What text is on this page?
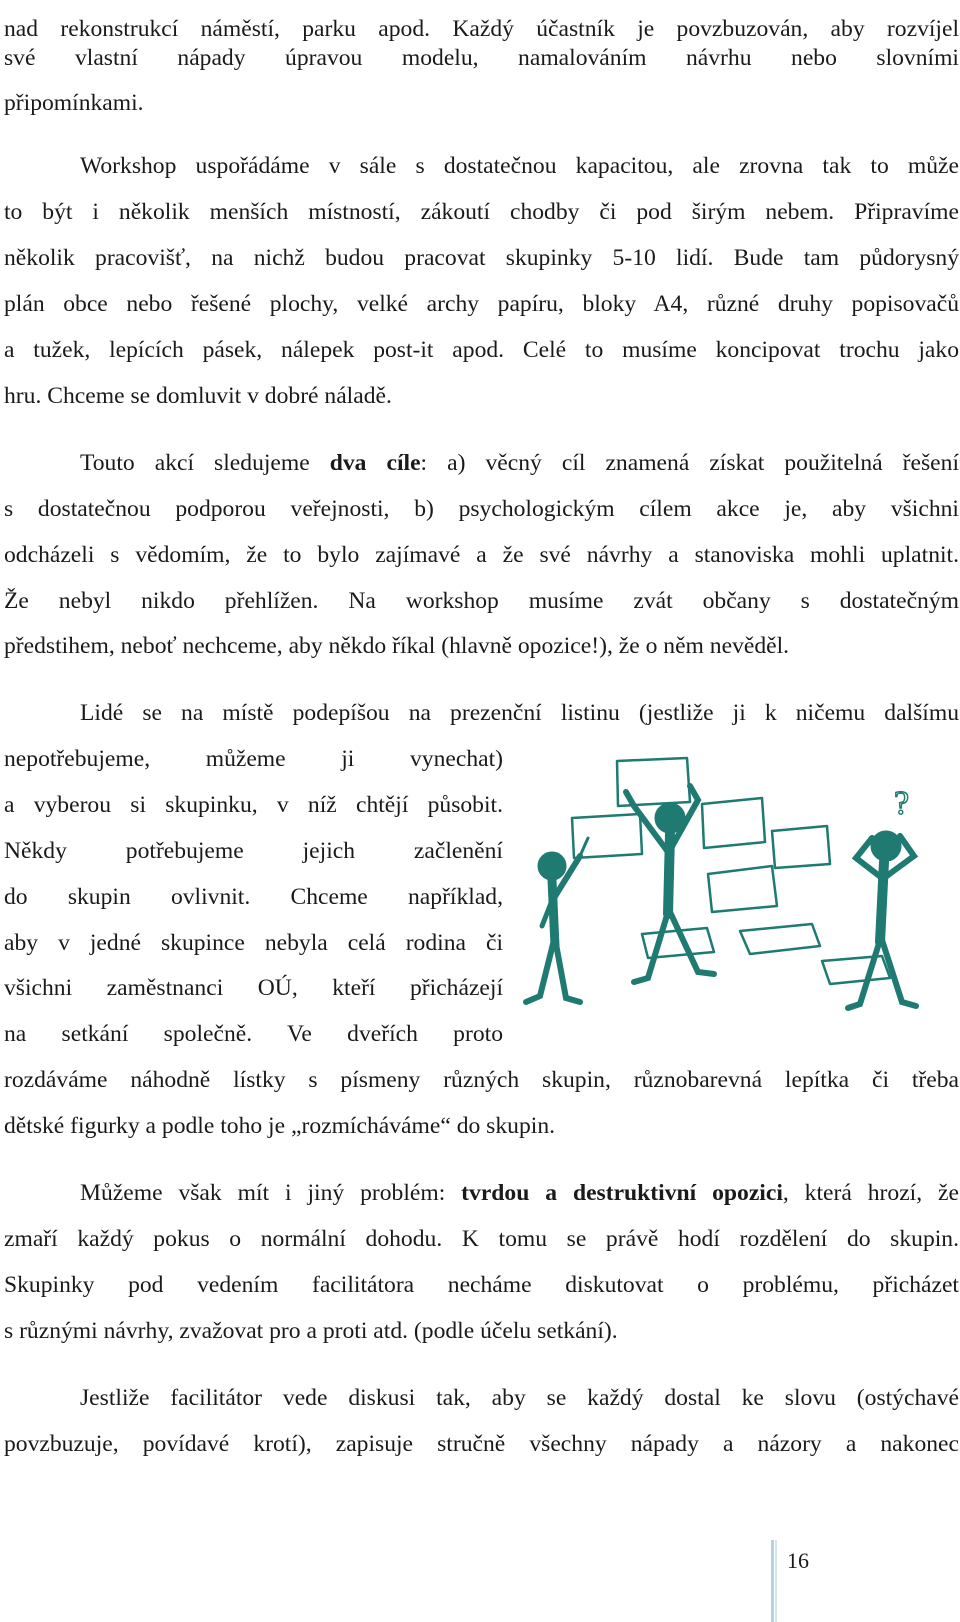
nad rekonstrukcí náměstí, parku apod. Každý účastník je povzbuzován, aby rozvíjel
své vlastní nápady úpravou modelu, namalováním návrhu nebo slovními
připomínkami.
Workshop uspořádáme v sále s dostatečnou kapacitou, ale zrovna tak to může
to být i několik menších místností, zákoutí chodby či pod širým nebem. Připravíme
několik pracovišť, na nichž budou pracovat skupinky 5-10 lidí. Bude tam půdorysný
plán obce nebo řešené plochy, velké archy papíru, bloky A4, různé druhy popisovačů
a tužek, lepících pásek, nálepek post-it apod. Celé to musíme koncipovat trochu jako
hru. Chceme se domluvit v dobré náladě.
Touto akcí sledujeme dva cíle: a) věcný cíl znamená získat použitelná řešení
s dostatečnou podporou veřejnosti, b) psychologickým cílem akce je, aby všichni
odcházeli s vědomím, že to bylo zajímavé a že své návrhy a stanoviska mohli uplatnit.
Že nebyl nikdo přehlížen. Na workshop musíme zvát občany s dostatečným
předstihem, neboť nechceme, aby někdo říkal (hlavně opozice!), že o něm nevěděl.
Lidé se na místě podepíšou na prezenční listinu (jestliže ji k ničemu dalšímu
nepotřebujeme, můžeme ji vynechat)
a vyberou si skupinku, v níž chtějí působit.
Někdy potřebujeme jejich začlenění
do skupin ovlivnit. Chceme například,
aby v jedné skupince nebyla celá rodina či
všichni zaměstnanci OÚ, kteří přicházejí
na setkání společně. Ve dveřích proto
rozdáváme náhodně lístky s písmeny různých skupin, různobarevná lepítka či třeba
dětské figurky a podle toho je „rozmícháváme“ do skupin.
Můžeme však mít i jiný problém: tvrdou a destruktivní opozici, která hrozí, že
zmaří každý pokus o normální dohodu. K tomu se právě hodí rozdělení do skupin.
Skupinky pod vedením facilitátora necháme diskutovat o problému, přicházet
s různými návrhy, zvažovat pro a proti atd. (podle účelu setkání).
Jestliže facilitátor vede diskusi tak, aby se každý dostal ke slovu (ostýchavé
povzbuzuje, povídavé krotí), zapisuje stručně všechny nápady a názory a nakonec
?
16
